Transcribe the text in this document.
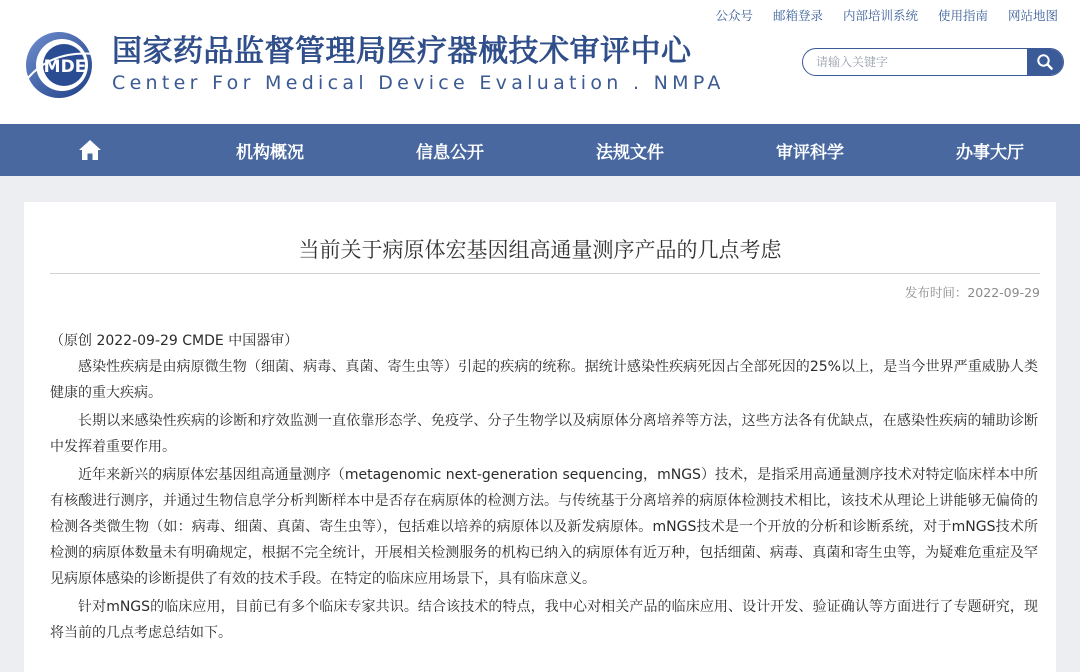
公众号 邮箱登录 内部培训系统 使用指南 网站地图
MDE 国家药品监督管理局医疗器械技术审评中心
Center For Medical Device Evaluation . NMPA
请输入关键字
机构概况	信息公开	法规文件	审评科学	办事大厅
当前关于病原体宏基因组高通量测序产品的几点考虑
发布时间：2022-09-29

（原创 2022-09-29 CMDE 中国器审）

感染性疾病是由病原微生物（细菌、病毒、真菌、寄生虫等）引起的疾病的统称。据统计感染性疾病死因占全部死因的25%以上，是当今世界严重威胁人类健康的重大疾病。

长期以来感染性疾病的诊断和疗效监测一直依靠形态学、免疫学、分子生物学以及病原体分离培养等方法，这些方法各有优缺点，在感染性疾病的辅助诊断中发挥着重要作用。

近年来新兴的病原体宏基因组高通量测序（metagenomic next-generation sequencing，mNGS）技术，是指采用高通量测序技术对特定临床样本中所有核酸进行测序，并通过生物信息学分析判断样本中是否存在病原体的检测方法。与传统基于分离培养的病原体检测技术相比，该技术从理论上讲能够无偏倚的检测各类微生物（如：病毒、细菌、真菌、寄生虫等），包括难以培养的病原体以及新发病原体。mNGS技术是一个开放的分析和诊断系统，对于mNGS技术所检测的病原体数量未有明确规定，根据不完全统计，开展相关检测服务的机构已纳入的病原体有近万种，包括细菌、病毒、真菌和寄生虫等，为疑难危重症及罕见病原体感染的诊断提供了有效的技术手段。在特定的临床应用场景下，具有临床意义。

针对mNGS的临床应用，目前已有多个临床专家共识。结合该技术的特点，我中心对相关产品的临床应用、设计开发、验证确认等方面进行了专题研究，现将当前的几点考虑总结如下。
